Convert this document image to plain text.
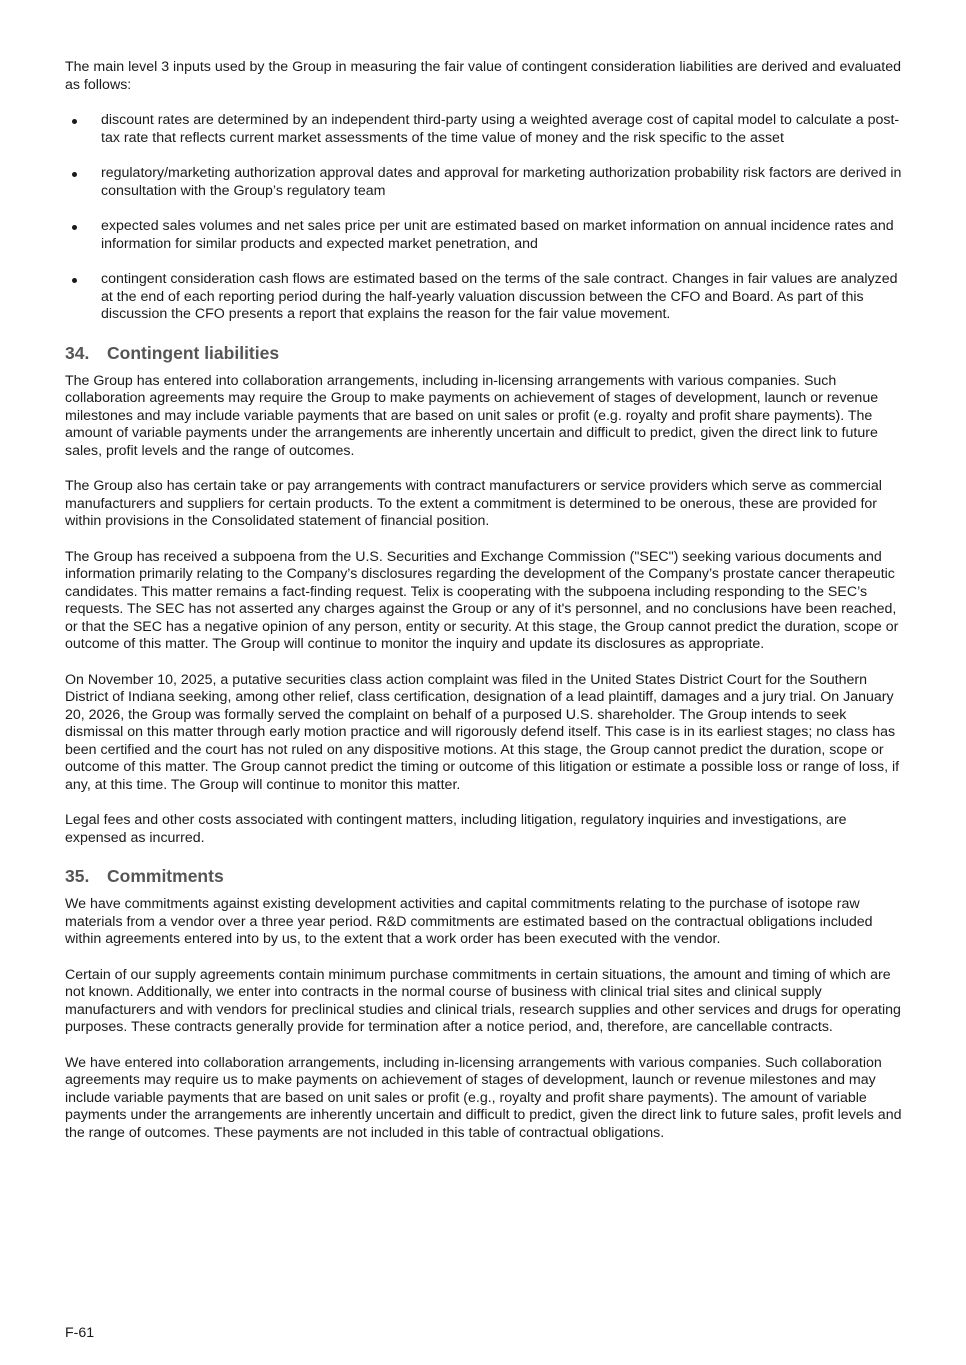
The main level 3 inputs used by the Group in measuring the fair value of contingent consideration liabilities are derived and evaluated as follows:

discount rates are determined by an independent third-party using a weighted average cost of capital model to calculate a post-tax rate that reflects current market assessments of the time value of money and the risk specific to the asset
regulatory/marketing authorization approval dates and approval for marketing authorization probability risk factors are derived in consultation with the Group’s regulatory team
expected sales volumes and net sales price per unit are estimated based on market information on annual incidence rates and information for similar products and expected market penetration, and
contingent consideration cash flows are estimated based on the terms of the sale contract. Changes in fair values are analyzed at the end of each reporting period during the half-yearly valuation discussion between the CFO and Board. As part of this discussion the CFO presents a report that explains the reason for the fair value movement.
34. Contingent liabilities

The Group has entered into collaboration arrangements, including in-licensing arrangements with various companies. Such collaboration agreements may require the Group to make payments on achievement of stages of development, launch or revenue milestones and may include variable payments that are based on unit sales or profit (e.g. royalty and profit share payments). The amount of variable payments under the arrangements are inherently uncertain and difficult to predict, given the direct link to future sales, profit levels and the range of outcomes.

The Group also has certain take or pay arrangements with contract manufacturers or service providers which serve as commercial manufacturers and suppliers for certain products. To the extent a commitment is determined to be onerous, these are provided for within provisions in the Consolidated statement of financial position.

The Group has received a subpoena from the U.S. Securities and Exchange Commission ("SEC") seeking various documents and information primarily relating to the Company’s disclosures regarding the development of the Company’s prostate cancer therapeutic candidates. This matter remains a fact-finding request. Telix is cooperating with the subpoena including responding to the SEC’s requests. The SEC has not asserted any charges against the Group or any of it's personnel, and no conclusions have been reached, or that the SEC has a negative opinion of any person, entity or security. At this stage, the Group cannot predict the duration, scope or outcome of this matter. The Group will continue to monitor the inquiry and update its disclosures as appropriate.

On November 10, 2025, a putative securities class action complaint was filed in the United States District Court for the Southern District of Indiana seeking, among other relief, class certification, designation of a lead plaintiff, damages and a jury trial. On January 20, 2026, the Group was formally served the complaint on behalf of a purposed U.S. shareholder. The Group intends to seek dismissal on this matter through early motion practice and will rigorously defend itself. This case is in its earliest stages; no class has been certified and the court has not ruled on any dispositive motions. At this stage, the Group cannot predict the duration, scope or outcome of this matter. The Group cannot predict the timing or outcome of this litigation or estimate a possible loss or range of loss, if any, at this time. The Group will continue to monitor this matter.

Legal fees and other costs associated with contingent matters, including litigation, regulatory inquiries and investigations, are expensed as incurred.

35. Commitments

We have commitments against existing development activities and capital commitments relating to the purchase of isotope raw materials from a vendor over a three year period. R&D commitments are estimated based on the contractual obligations included within agreements entered into by us, to the extent that a work order has been executed with the vendor.

Certain of our supply agreements contain minimum purchase commitments in certain situations, the amount and timing of which are not known. Additionally, we enter into contracts in the normal course of business with clinical trial sites and clinical supply manufacturers and with vendors for preclinical studies and clinical trials, research supplies and other services and drugs for operating purposes. These contracts generally provide for termination after a notice period, and, therefore, are cancellable contracts.

We have entered into collaboration arrangements, including in-licensing arrangements with various companies. Such collaboration agreements may require us to make payments on achievement of stages of development, launch or revenue milestones and may include variable payments that are based on unit sales or profit (e.g., royalty and profit share payments). The amount of variable payments under the arrangements are inherently uncertain and difficult to predict, given the direct link to future sales, profit levels and the range of outcomes. These payments are not included in this table of contractual obligations.

F-61
